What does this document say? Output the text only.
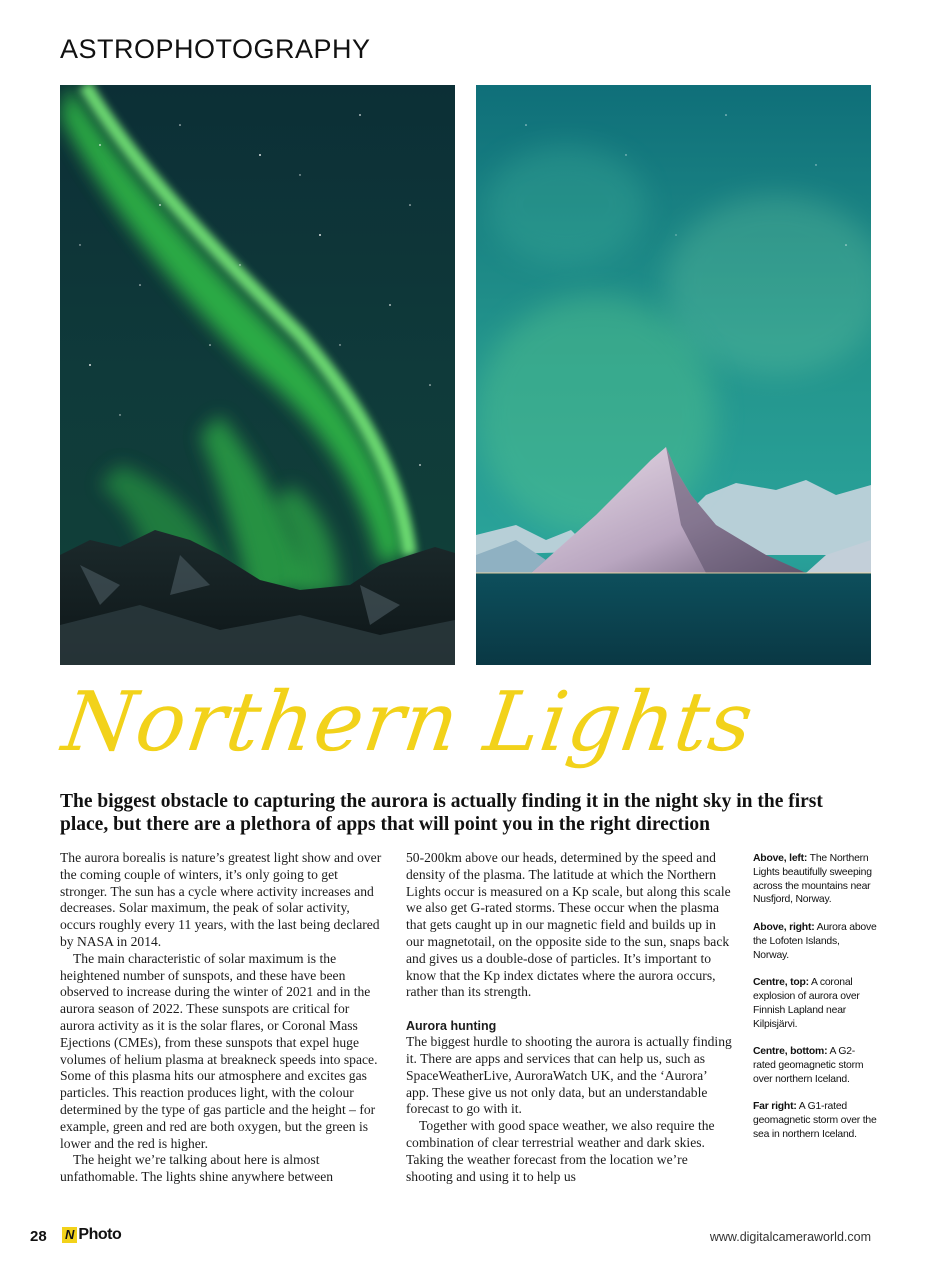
ASTROPHOTOGRAPHY
Northern Lights
The biggest obstacle to capturing the aurora is actually finding it in the night sky in the first place, but there are a plethora of apps that will point you in the right direction

The aurora borealis is nature’s greatest light show and over the coming couple of winters, it’s only going to get stronger. The sun has a cycle where activity increases and decreases. Solar maximum, the peak of solar activity, occurs roughly every 11 years, with the last being declared by NASA in 2014.

The main characteristic of solar maximum is the heightened number of sunspots, and these have been observed to increase during the winter of 2021 and in the aurora season of 2022. These sunspots are critical for aurora activity as it is the solar flares, or Coronal Mass Ejections (CMEs), from these sunspots that expel huge volumes of helium plasma at breakneck speeds into space. Some of this plasma hits our atmosphere and excites gas particles. This reaction produces light, with the colour determined by the type of gas particle and the height – for example, green and red are both oxygen, but the green is lower and the red is higher.

The height we’re talking about here is almost unfathomable. The lights shine anywhere between

50-200km above our heads, determined by the speed and density of the plasma. The latitude at which the Northern Lights occur is measured on a Kp scale, but along this scale we also get G-rated storms. These occur when the plasma that gets caught up in our magnetic field and builds up in our magnetotail, on the opposite side to the sun, snaps back and gives us a double-dose of particles. It’s important to know that the Kp index dictates where the aurora occurs, rather than its strength.

Aurora hunting

The biggest hurdle to shooting the aurora is actually finding it. There are apps and services that can help us, such as SpaceWeatherLive, AuroraWatch UK, and the ‘Aurora’ app. These give us not only data, but an understandable forecast to go with it.

Together with good space weather, we also require the combination of clear terrestrial weather and dark skies. Taking the weather forecast from the location we’re shooting and using it to help us

Above, left: The Northern Lights beautifully sweeping across the mountains near Nusfjord, Norway.

Above, right: Aurora above the Lofoten Islands, Norway.

Centre, top: A coronal explosion of aurora over Finnish Lapland near Kilpisjärvi.

Centre, bottom: A G2-rated geomagnetic storm over northern Iceland.

Far right: A G1-rated geomagnetic storm over the sea in northern Iceland.

28 N Photo	www.digitalcameraworld.com
